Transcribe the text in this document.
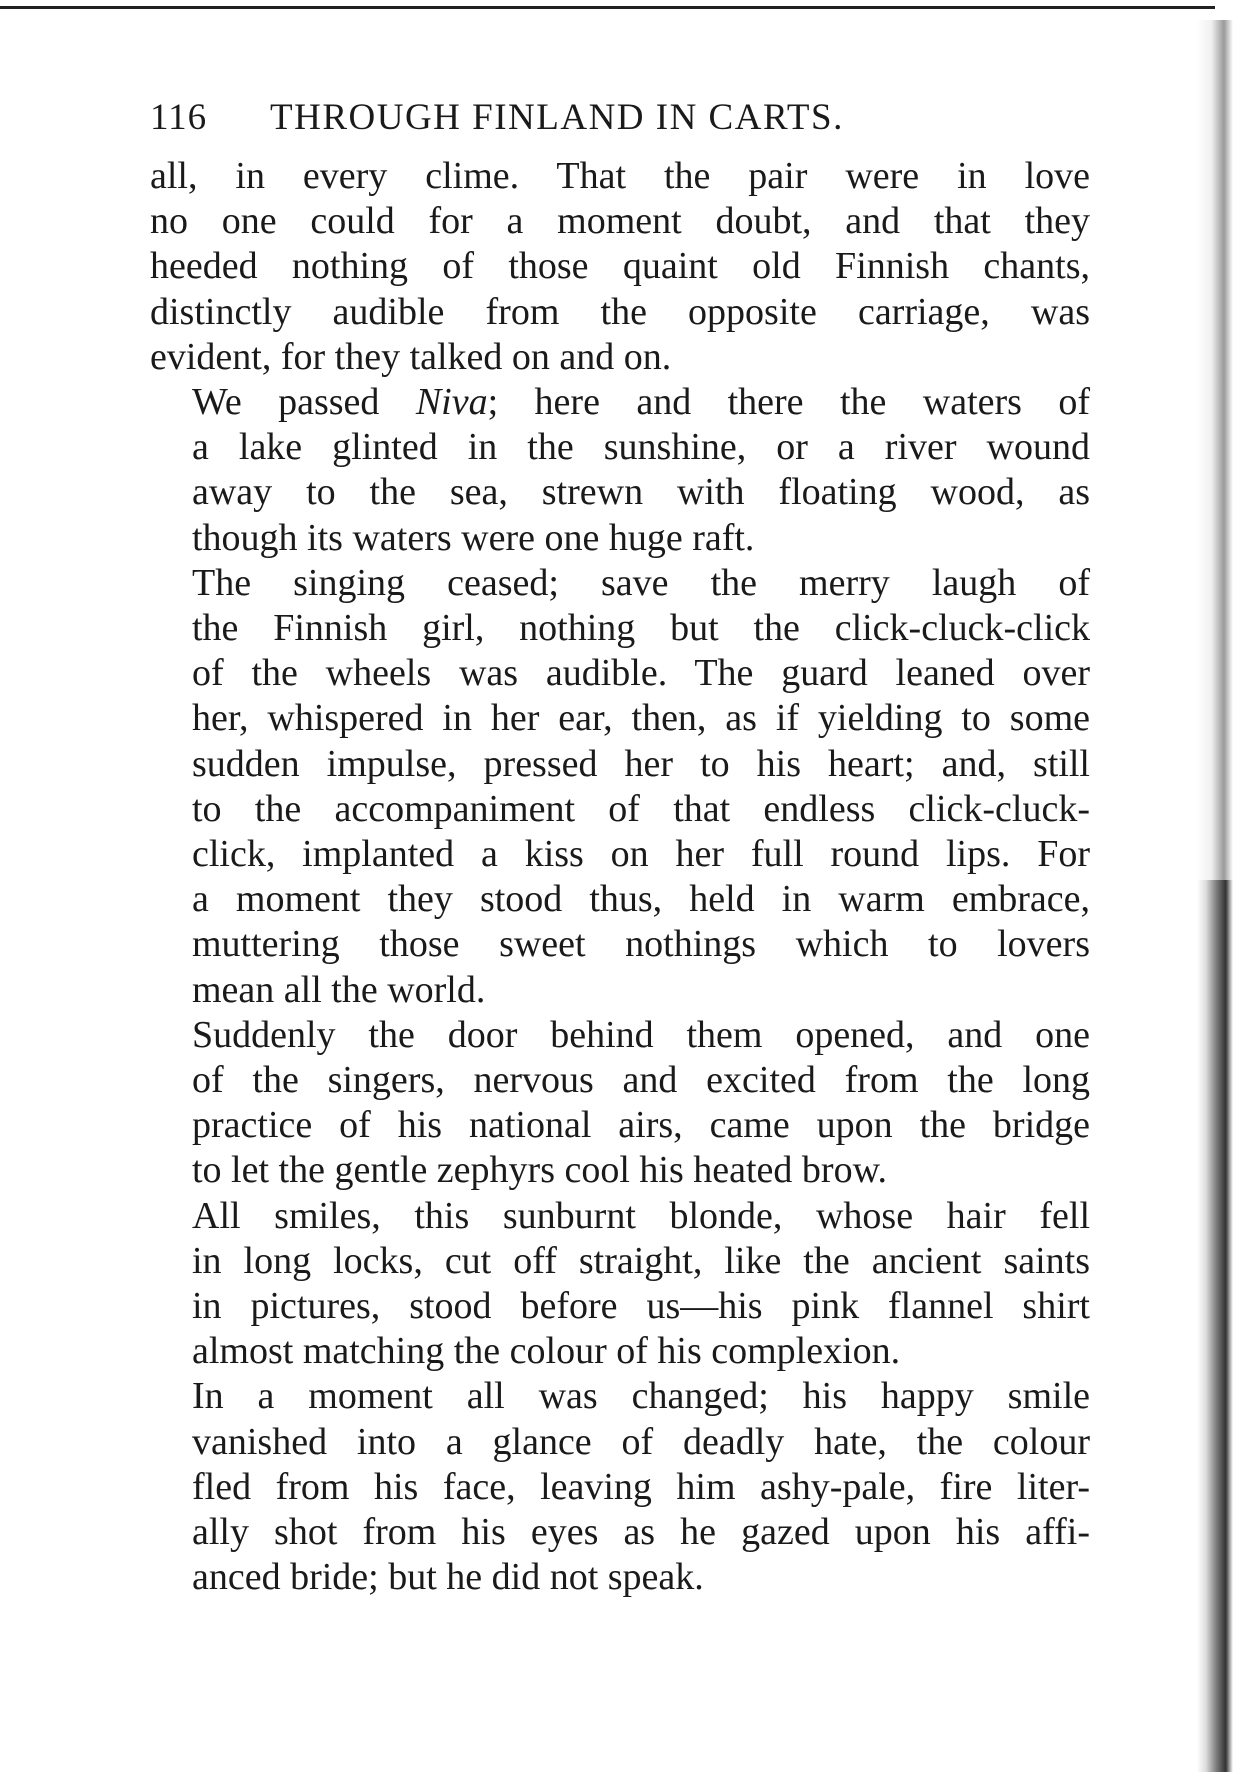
116	THROUGH FINLAND IN CARTS.
all, in every clime. That the pair were in love
no one could for a moment doubt, and that they
heeded nothing of those quaint old Finnish chants,
distinctly audible from the opposite carriage, was
evident, for they talked on and on.
We passed Niva; here and there the waters of
a lake glinted in the sunshine, or a river wound
away to the sea, strewn with floating wood, as
though its waters were one huge raft.
The singing ceased; save the merry laugh of
the Finnish girl, nothing but the click-cluck-click
of the wheels was audible. The guard leaned over
her, whispered in her ear, then, as if yielding to some
sudden impulse, pressed her to his heart; and, still
to the accompaniment of that endless click-cluck-
click, implanted a kiss on her full round lips. For
a moment they stood thus, held in warm embrace,
muttering those sweet nothings which to lovers
mean all the world.
Suddenly the door behind them opened, and one
of the singers, nervous and excited from the long
practice of his national airs, came upon the bridge
to let the gentle zephyrs cool his heated brow.
All smiles, this sunburnt blonde, whose hair fell
in long locks, cut off straight, like the ancient saints
in pictures, stood before us—his pink flannel shirt
almost matching the colour of his complexion.
In a moment all was changed; his happy smile
vanished into a glance of deadly hate, the colour
fled from his face, leaving him ashy-pale, fire liter-
ally shot from his eyes as he gazed upon his affi-
anced bride; but he did not speak.
